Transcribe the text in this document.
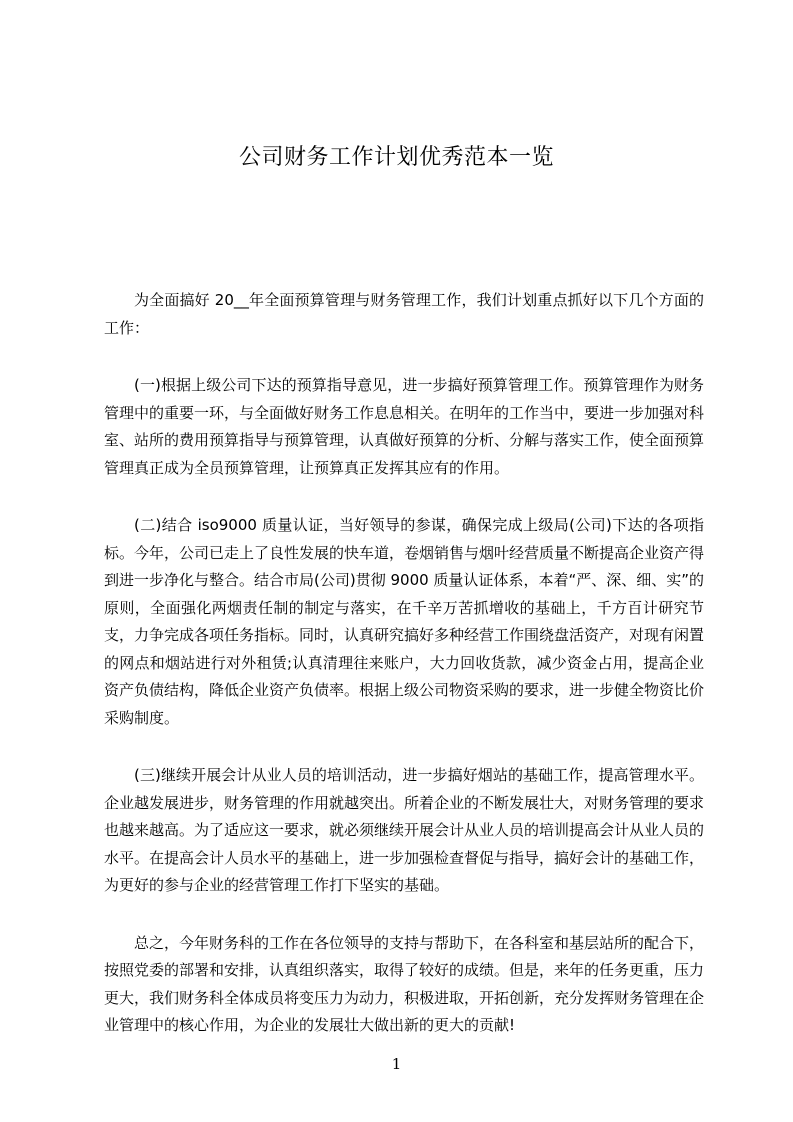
公司财务工作计划优秀范本一览

为全面搞好 20__年全面预算管理与财务管理工作，我们计划重点抓好以下几个方面的工作：

(一)根据上级公司下达的预算指导意见，进一步搞好预算管理工作。预算管理作为财务管理中的重要一环，与全面做好财务工作息息相关。在明年的工作当中，要进一步加强对科室、站所的费用预算指导与预算管理，认真做好预算的分析、分解与落实工作，使全面预算管理真正成为全员预算管理，让预算真正发挥其应有的作用。

(二)结合 iso9000 质量认证，当好领导的参谋，确保完成上级局(公司)下达的各项指标。今年，公司已走上了良性发展的快车道，卷烟销售与烟叶经营质量不断提高企业资产得到进一步净化与整合。结合市局(公司)贯彻 9000 质量认证体系，本着“严、深、细、实”的原则，全面强化两烟责任制的制定与落实，在千辛万苦抓增收的基础上，千方百计研究节支，力争完成各项任务指标。同时，认真研究搞好多种经营工作围绕盘活资产，对现有闲置的网点和烟站进行对外租赁;认真清理往来账户，大力回收货款，减少资金占用，提高企业资产负债结构，降低企业资产负债率。根据上级公司物资采购的要求，进一步健全物资比价采购制度。

(三)继续开展会计从业人员的培训活动，进一步搞好烟站的基础工作，提高管理水平。企业越发展进步，财务管理的作用就越突出。所着企业的不断发展壮大，对财务管理的要求也越来越高。为了适应这一要求，就必须继续开展会计从业人员的培训提高会计从业人员的水平。在提高会计人员水平的基础上，进一步加强检查督促与指导，搞好会计的基础工作，为更好的参与企业的经营管理工作打下坚实的基础。

总之，今年财务科的工作在各位领导的支持与帮助下，在各科室和基层站所的配合下，按照党委的部署和安排，认真组织落实，取得了较好的成绩。但是，来年的任务更重，压力更大，我们财务科全体成员将变压力为动力，积极进取，开拓创新，充分发挥财务管理在企业管理中的核心作用，为企业的发展壮大做出新的更大的贡献!

1
